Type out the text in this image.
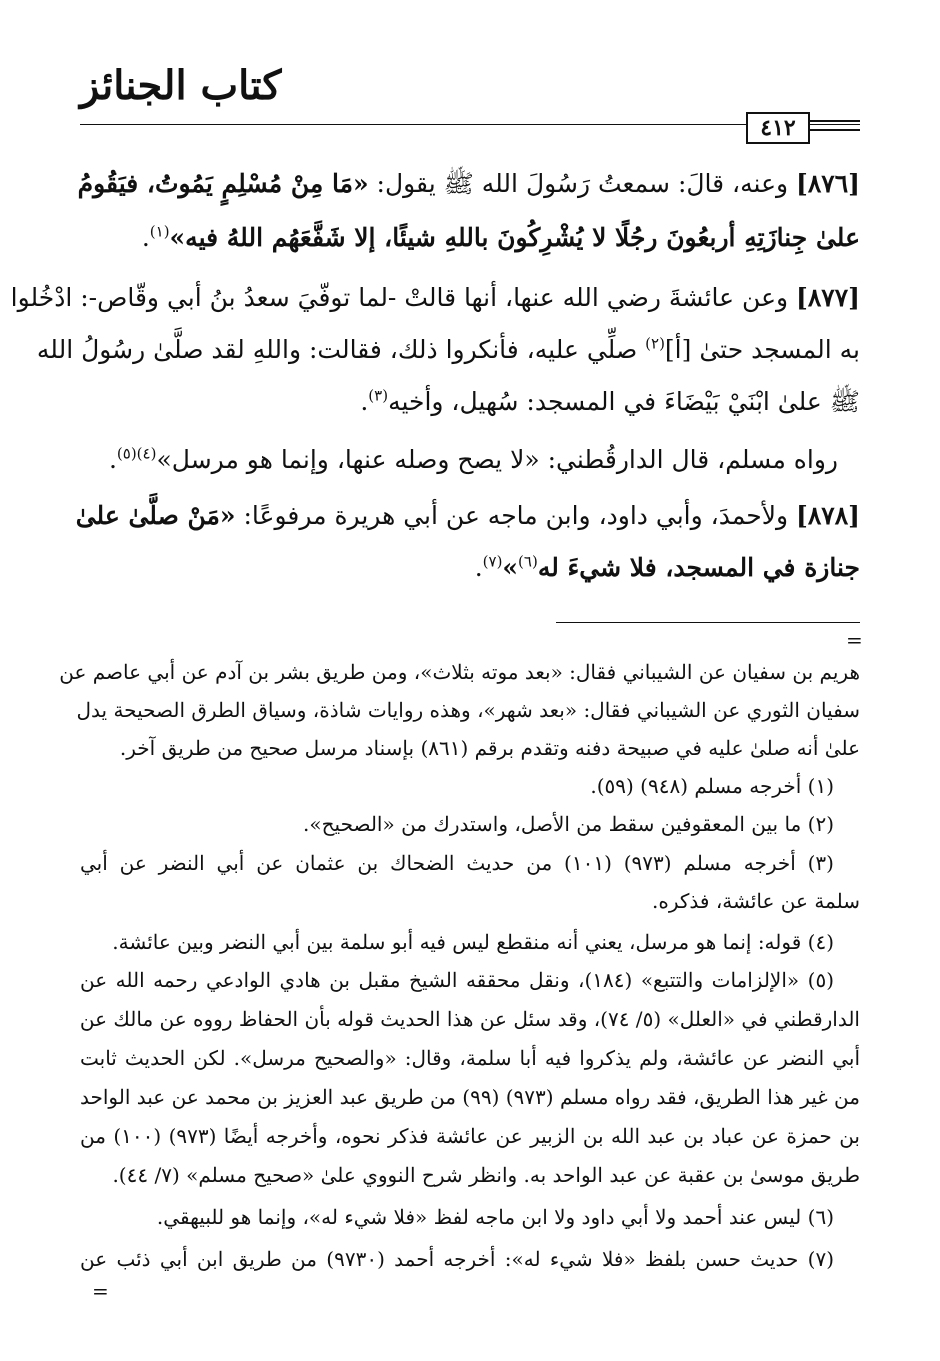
كتاب الجنائز
٤١٢
[٨٧٦] وعنه، قالَ: سمعتُ رَسُولَ الله ﷺ يقول: «مَا مِنْ مُسْلِمٍ يَمُوتُ، فيَقُومُ
علىٰ جِنازَتِهِ أربعُونَ رجُلًا لا يُشْرِكُونَ باللهِ شيئًا، إلا شَفَّعَهُم اللهُ فيه»$^{(١)}$.
[٨٧٧] وعن عائشةَ رضي الله عنها، أنها قالتْ -لما توفّيَ سعدُ بنُ أبي وقّاص-: ادْخُلوا
به المسجد حتىٰ [أ]$^{(٢)}$ صلِّي عليه، فأنكروا ذلك، فقالت: واللهِ لقد صلَّىٰ رسُولُ الله
ﷺ علىٰ ابْنَيْ بَيْضَاءَ في المسجد: سُهيل، وأخيه$^{(٣)}$.
رواه مسلم، قال الدارقُطني: «لا يصح وصله عنها، وإنما هو مرسل»$^{(٤)(٥)}$.
[٨٧٨] ولأحمدَ، وأبي داود، وابن ماجه عن أبي هريرة مرفوعًا: «مَنْ صلَّىٰ علىٰ
جنازة في المسجد، فلا شيءَ له$^{(٦)}$»$^{(٧)}$.
=
هريم بن سفيان عن الشيباني فقال: «بعد موته بثلاث»، ومن طريق بشر بن آدم عن أبي عاصم عن
سفيان الثوري عن الشيباني فقال: «بعد شهر»، وهذه روايات شاذة، وسياق الطرق الصحيحة يدل
علىٰ أنه صلىٰ عليه في صبيحة دفنه وتقدم برقم (٨٦١) بإسناد مرسل صحيح من طريق آخر.
(١) أخرجه مسلم (٩٤٨) (٥٩).
(٢) ما بين المعقوفين سقط من الأصل، واستدرك من «الصحيح».
(٣) أخرجه مسلم (٩٧٣) (١٠١) من حديث الضحاك بن عثمان عن أبي النضر عن أبي
سلمة عن عائشة، فذكره.
(٤) قوله: إنما هو مرسل، يعني أنه منقطع ليس فيه أبو سلمة بين أبي النضر وبين عائشة.
(٥) «الإلزامات والتتبع» (١٨٤)، ونقل محققه الشيخ مقبل بن هادي الوادعي رحمه الله عن
الدارقطني في «العلل» (٥/ ٧٤)، وقد سئل عن هذا الحديث قوله بأن الحفاظ رووه عن مالك عن
أبي النضر عن عائشة، ولم يذكروا فيه أبا سلمة، وقال: «والصحيح مرسل». لكن الحديث ثابت
من غير هذا الطريق، فقد رواه مسلم (٩٧٣) (٩٩) من طريق عبد العزيز بن محمد عن عبد الواحد
بن حمزة عن عباد بن عبد الله بن الزبير عن عائشة فذكر نحوه، وأخرجه أيضًا (٩٧٣) (١٠٠) من
طريق موسىٰ بن عقبة عن عبد الواحد به. وانظر شرح النووي علىٰ «صحيح مسلم» (٧/ ٤٤).
(٦) ليس عند أحمد ولا أبي داود ولا ابن ماجه لفظ «فلا شيء له»، وإنما هو للبيهقي.
(٧) حديث حسن بلفظ «فلا شيء له»: أخرجه أحمد (٩٧٣٠) من طريق ابن أبي ذئب عن
=
